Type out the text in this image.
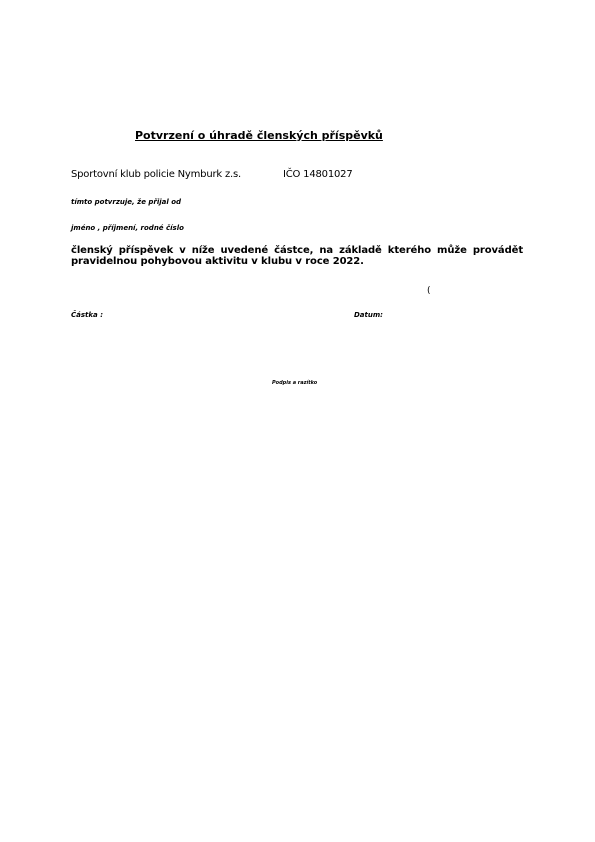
Potvrzení o úhradě členských příspěvků
Sportovní klub policie Nymburk z.s.	IČO 14801027
tímto potvrzuje, že přijal od
jméno , příjmení, rodné číslo
členský příspěvek v níže uvedené částce, na základě kterého může provádět pravidelnou pohybovou aktivitu v klubu v roce 2022.
(
Částka :	Datum:
Podpis a razítko
